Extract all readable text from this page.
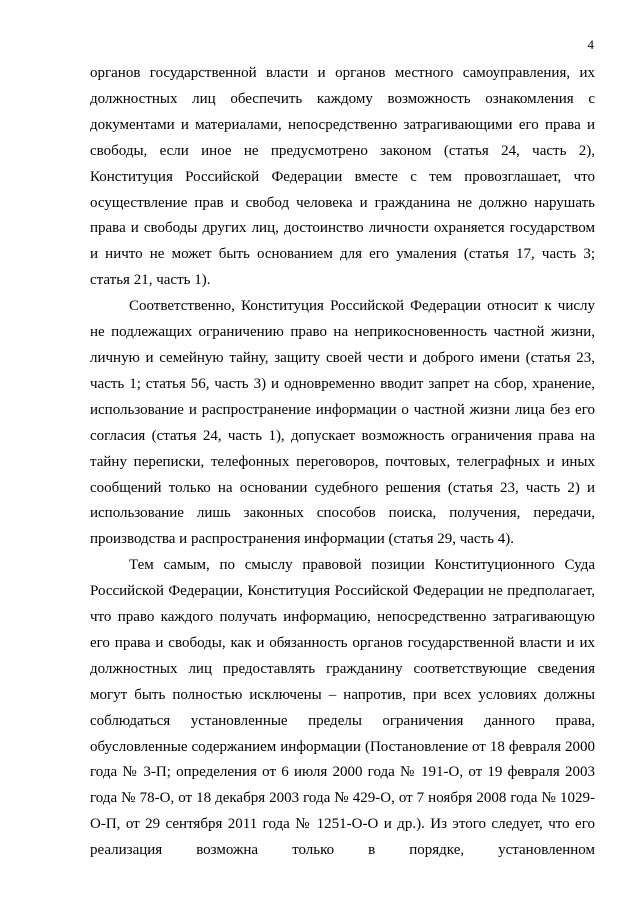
4

органов государственной власти и органов местного самоуправления, их должностных лиц обеспечить каждому возможность ознакомления с документами и материалами, непосредственно затрагивающими его права и свободы, если иное не предусмотрено законом (статья 24, часть 2), Конституция Российской Федерации вместе с тем провозглашает, что осуществление прав и свобод человека и гражданина не должно нарушать права и свободы других лиц, достоинство личности охраняется государством и ничто не может быть основанием для его умаления (статья 17, часть 3; статья 21, часть 1).

Соответственно, Конституция Российской Федерации относит к числу не подлежащих ограничению право на неприкосновенность частной жизни, личную и семейную тайну, защиту своей чести и доброго имени (статья 23, часть 1; статья 56, часть 3) и одновременно вводит запрет на сбор, хранение, использование и распространение информации о частной жизни лица без его согласия (статья 24, часть 1), допускает возможность ограничения права на тайну переписки, телефонных переговоров, почтовых, телеграфных и иных сообщений только на основании судебного решения (статья 23, часть 2) и использование лишь законных способов поиска, получения, передачи, производства и распространения информации (статья 29, часть 4).

Тем самым, по смыслу правовой позиции Конституционного Суда Российской Федерации, Конституция Российской Федерации не предполагает, что право каждого получать информацию, непосредственно затрагивающую его права и свободы, как и обязанность органов государственной власти и их должностных лиц предоставлять гражданину соответствующие сведения могут быть полностью исключены – напротив, при всех условиях должны соблюдаться установленные пределы ограничения данного права, обусловленные содержанием информации (Постановление от 18 февраля 2000 года № 3-П; определения от 6 июля 2000 года № 191-О, от 19 февраля 2003 года № 78-О, от 18 декабря 2003 года № 429-О, от 7 ноября 2008 года № 1029-О-П, от 29 сентября 2011 года № 1251-О-О и др.). Из этого следует, что его реализация возможна только в порядке, установленном
